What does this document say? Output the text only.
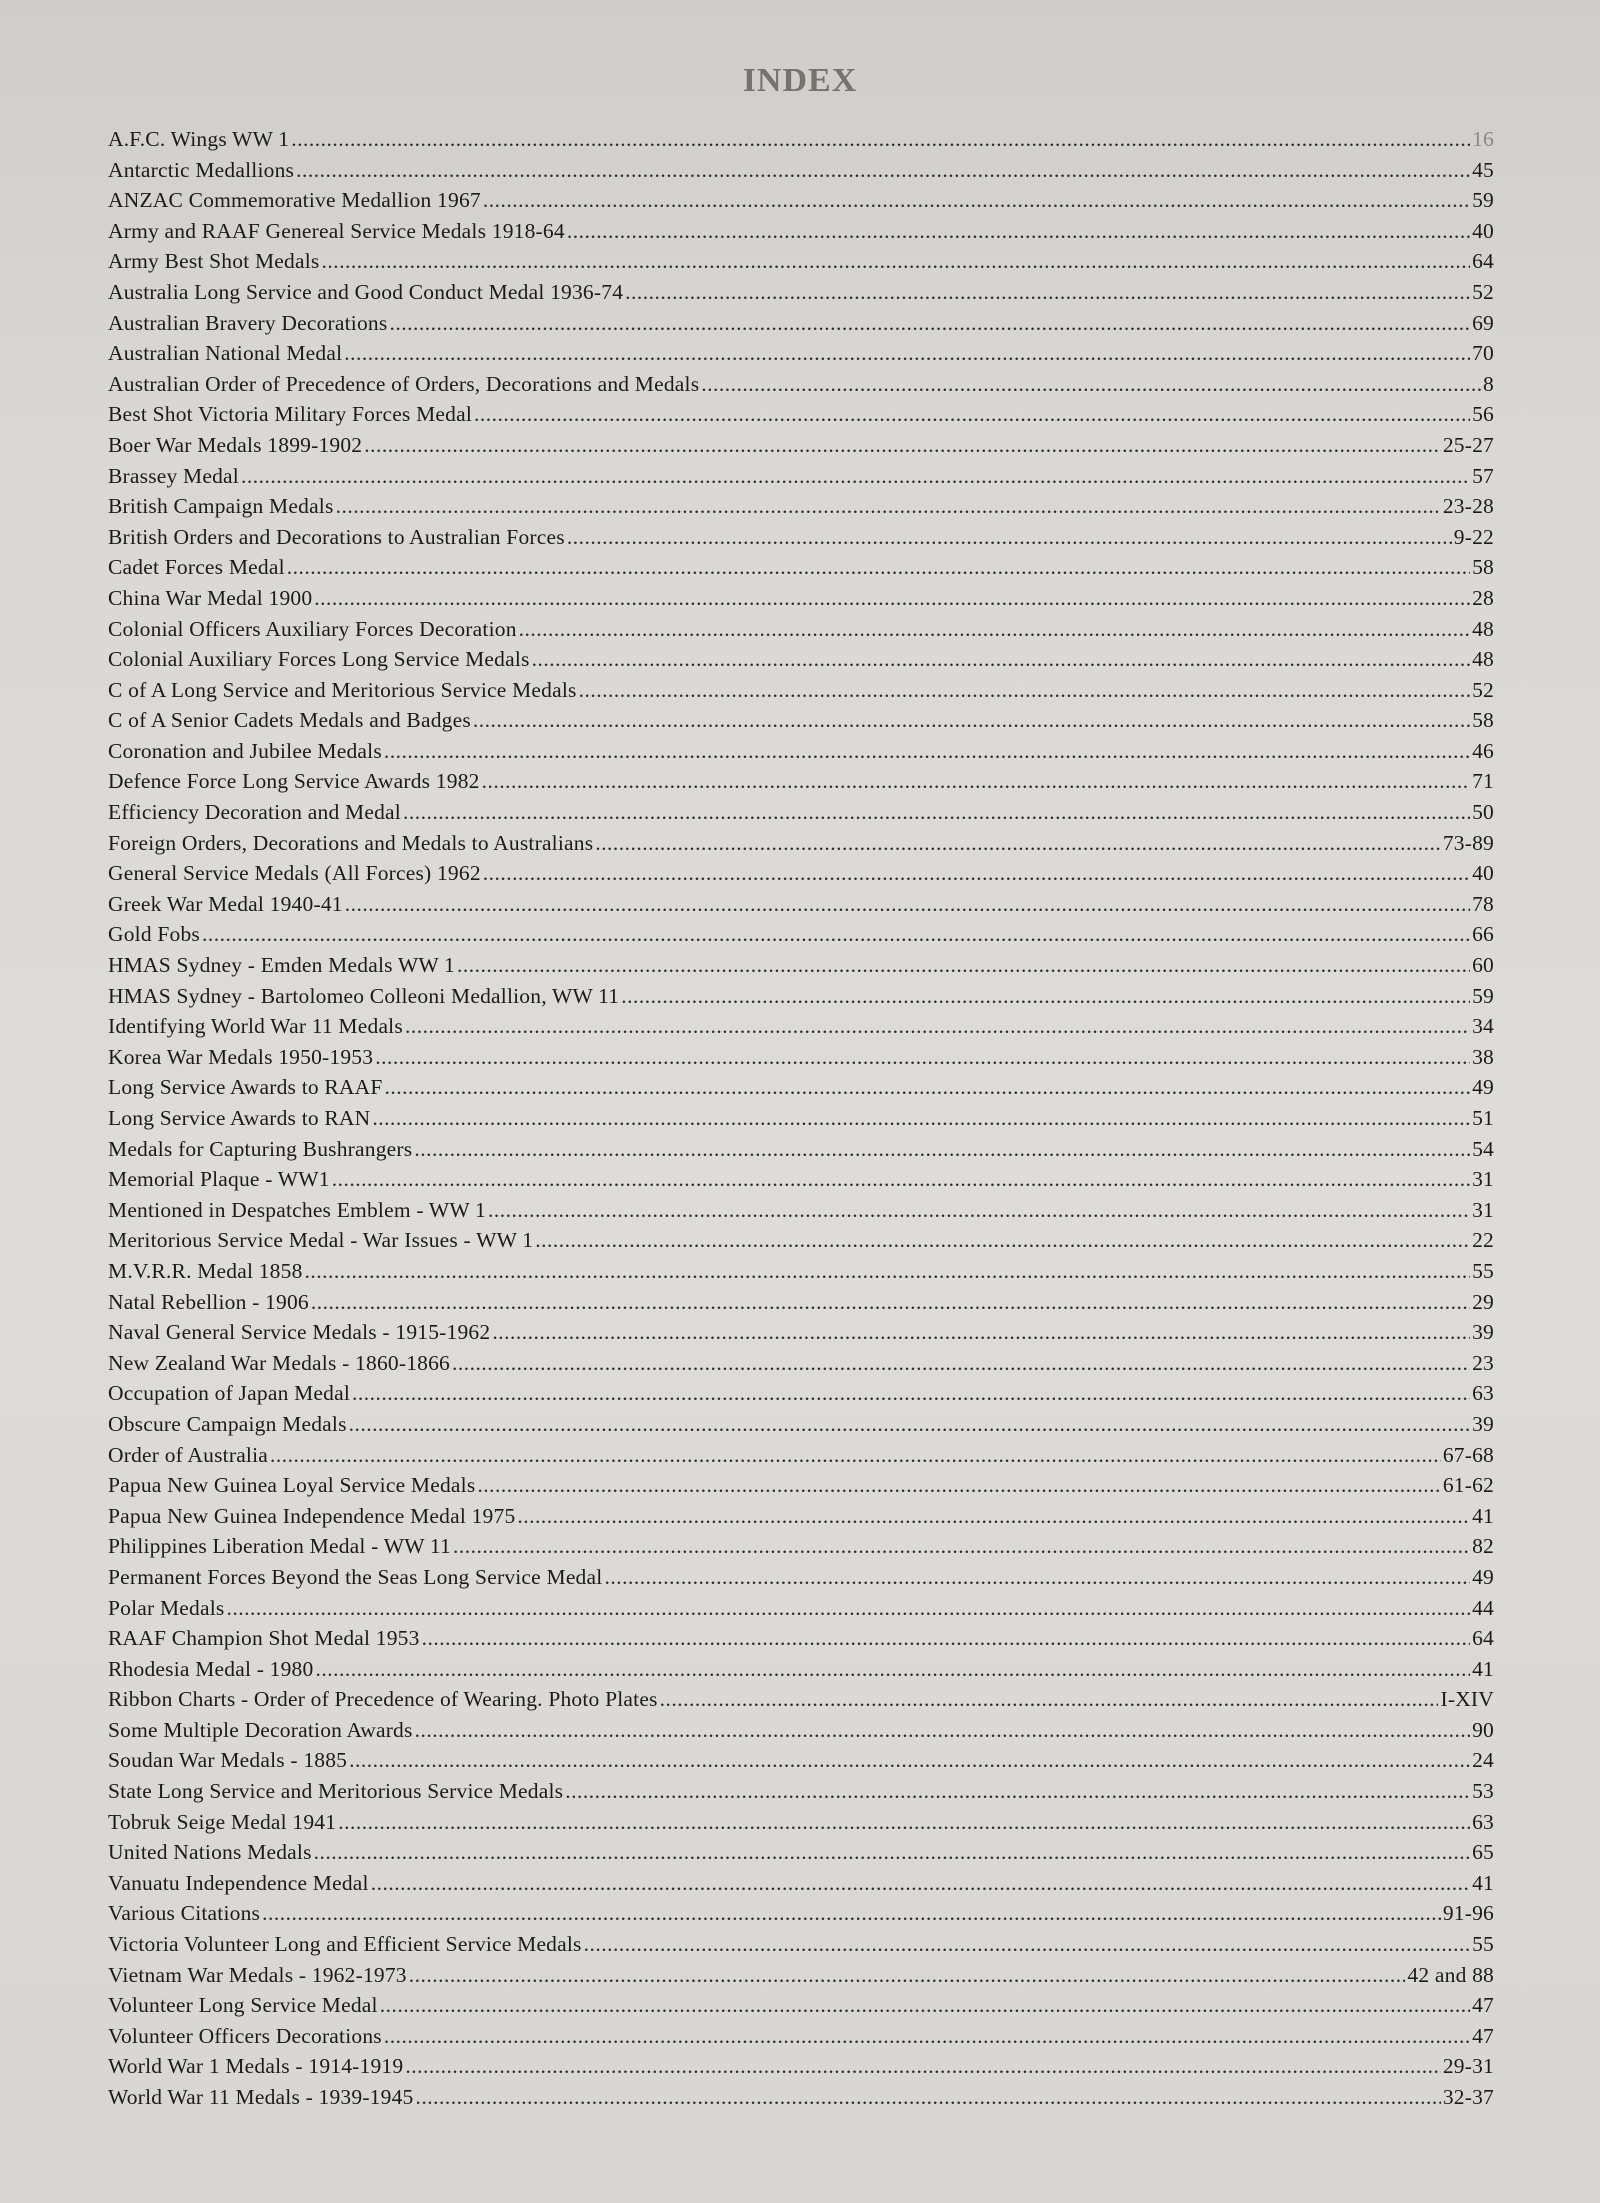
INDEX
A.F.C. Wings WW 1 .....	16
Antarctic Medallions .....	45
ANZAC Commemorative Medallion 1967 .....	59
Army and RAAF Genereal Service Medals 1918-64 .....	40
Army Best Shot Medals .....	64
Australia Long Service and Good Conduct Medal 1936-74 .....	52
Australian Bravery Decorations .....	69
Australian National Medal .....	70
Australian Order of Precedence of Orders, Decorations and Medals .....	8
Best Shot Victoria Military Forces Medal .....	56
Boer War Medals 1899-1902 .....	25-27
Brassey Medal .....	57
British Campaign Medals .....	23-28
British Orders and Decorations to Australian Forces .....	9-22
Cadet Forces Medal .....	58
China War Medal 1900 .....	28
Colonial Officers Auxiliary Forces Decoration .....	48
Colonial Auxiliary Forces Long Service Medals .....	48
C of A Long Service and Meritorious Service Medals .....	52
C of A Senior Cadets Medals and Badges .....	58
Coronation and Jubilee Medals .....	46
Defence Force Long Service Awards 1982 .....	71
Efficiency Decoration and Medal .....	50
Foreign Orders, Decorations and Medals to Australians .....	73-89
General Service Medals (All Forces) 1962 .....	40
Greek War Medal 1940-41 .....	78
Gold Fobs .....	66
HMAS Sydney - Emden Medals WW 1 .....	60
HMAS Sydney - Bartolomeo Colleoni Medallion, WW 11 .....	59
Identifying World War 11 Medals .....	34
Korea War Medals 1950-1953 .....	38
Long Service Awards to RAAF .....	49
Long Service Awards to RAN .....	51
Medals for Capturing Bushrangers .....	54
Memorial Plaque - WW1 .....	31
Mentioned in Despatches Emblem - WW 1 .....	31
Meritorious Service Medal - War Issues - WW 1 .....	22
M.V.R.R. Medal 1858 .....	55
Natal Rebellion - 1906 .....	29
Naval General Service Medals - 1915-1962 .....	39
New Zealand War Medals - 1860-1866 .....	23
Occupation of Japan Medal .....	63
Obscure Campaign Medals .....	39
Order of Australia .....	67-68
Papua New Guinea Loyal Service Medals .....	61-62
Papua New Guinea Independence Medal 1975 .....	41
Philippines Liberation Medal - WW 11 .....	82
Permanent Forces Beyond the Seas Long Service Medal .....	49
Polar Medals .....	44
RAAF Champion Shot Medal 1953 .....	64
Rhodesia Medal - 1980 .....	41
Ribbon Charts - Order of Precedence of Wearing. Photo Plates .....	I-XIV
Some Multiple Decoration Awards .....	90
Soudan War Medals - 1885 .....	24
State Long Service and Meritorious Service Medals .....	53
Tobruk Seige Medal 1941 .....	63
United Nations Medals .....	65
Vanuatu Independence Medal .....	41
Various Citations .....	91-96
Victoria Volunteer Long and Efficient Service Medals .....	55
Vietnam War Medals - 1962-1973 .....	42 and 88
Volunteer Long Service Medal .....	47
Volunteer Officers Decorations .....	47
World War 1 Medals - 1914-1919 .....	29-31
World War 11 Medals - 1939-1945 .....	32-37
